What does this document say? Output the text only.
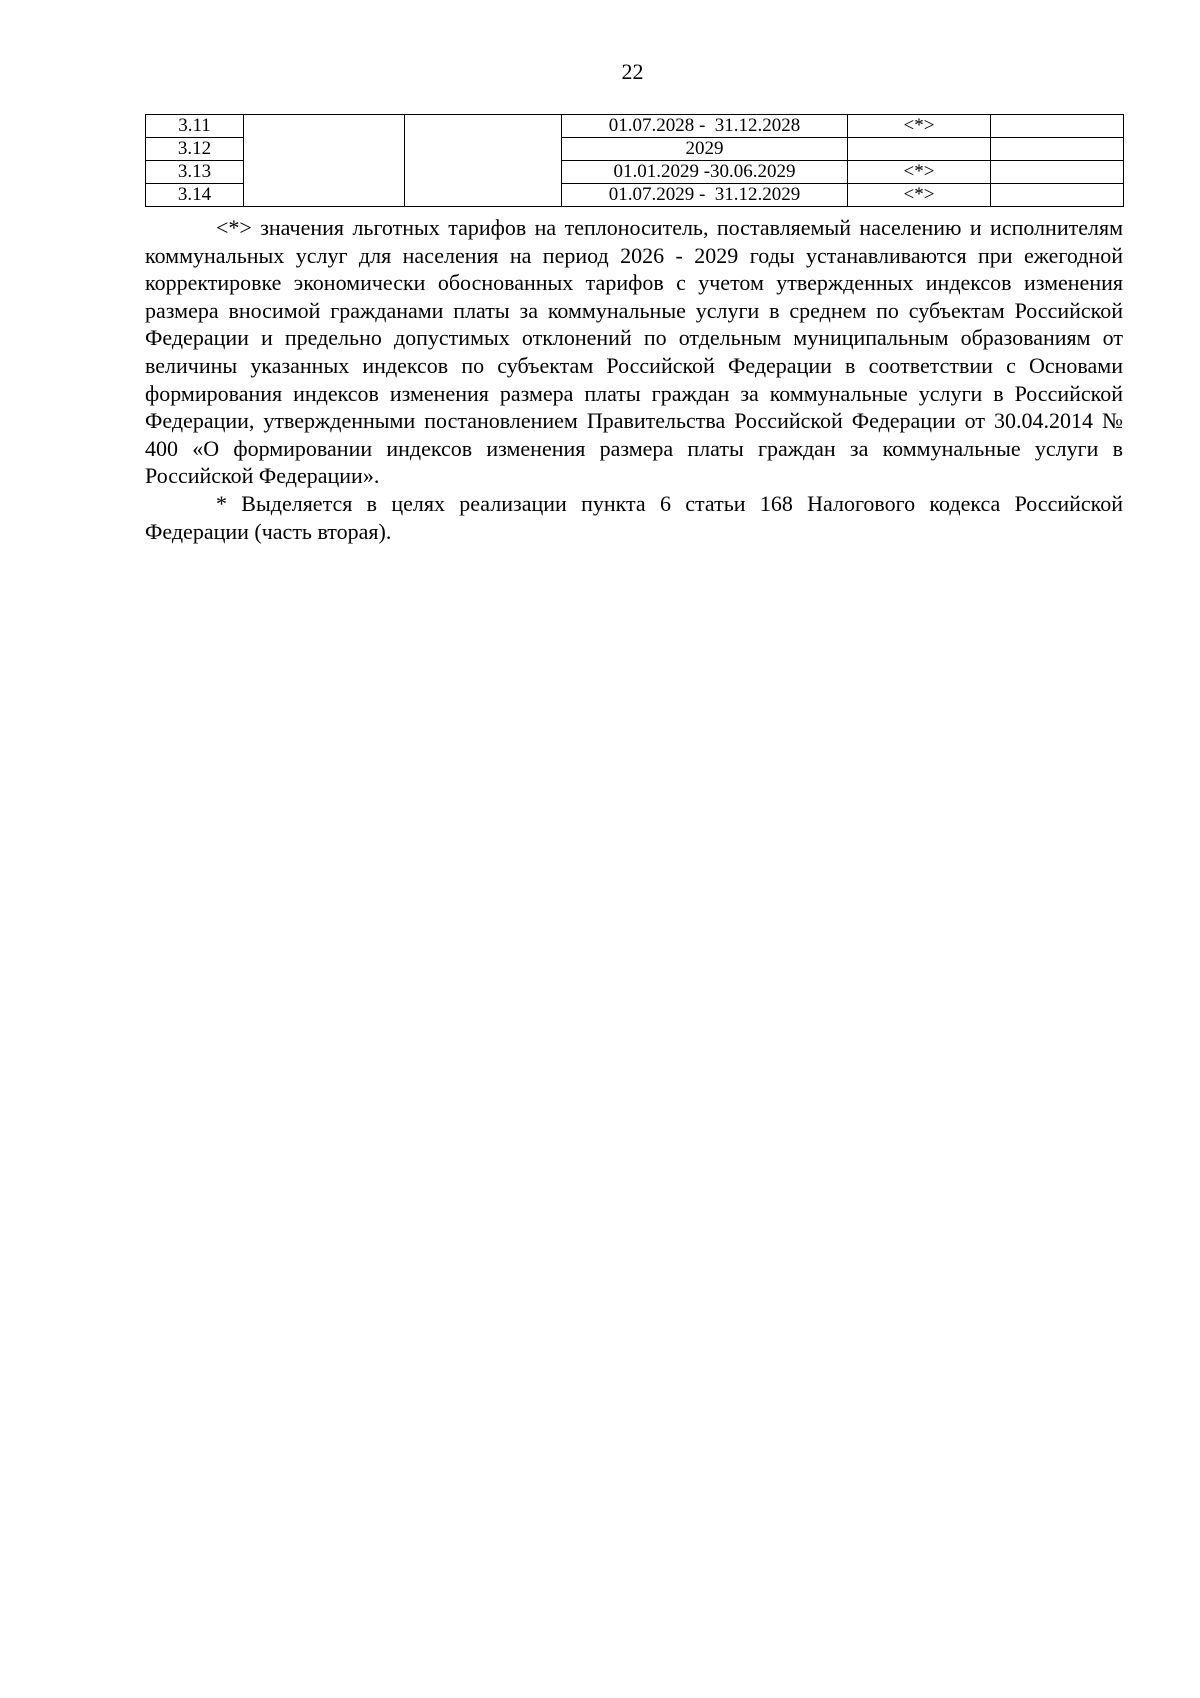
22
3.11			01.07.2028 -  31.12.2028	<*>	
3.12			2029		
3.13			01.01.2029 -30.06.2029	<*>	
3.14			01.07.2029 -  31.12.2029	<*>	

<*> значения льготных тарифов на теплоноситель, поставляемый населению и исполнителям коммунальных услуг для населения на период 2026 - 2029 годы устанавливаются при ежегодной корректировке экономически обоснованных тарифов с учетом утвержденных индексов изменения размера вносимой гражданами платы за коммунальные услуги в среднем по субъектам Российской Федерации и предельно допустимых отклонений по отдельным муниципальным образованиям от величины указанных индексов по субъектам Российской Федерации в соответствии с Основами формирования индексов изменения размера платы граждан за коммунальные услуги в Российской Федерации, утвержденными постановлением Правительства Российской Федерации от 30.04.2014 № 400 «О формировании индексов изменения размера платы граждан за коммунальные услуги в Российской Федерации».

* Выделяется в целях реализации пункта 6 статьи 168 Налогового кодекса Российской Федерации (часть вторая).
